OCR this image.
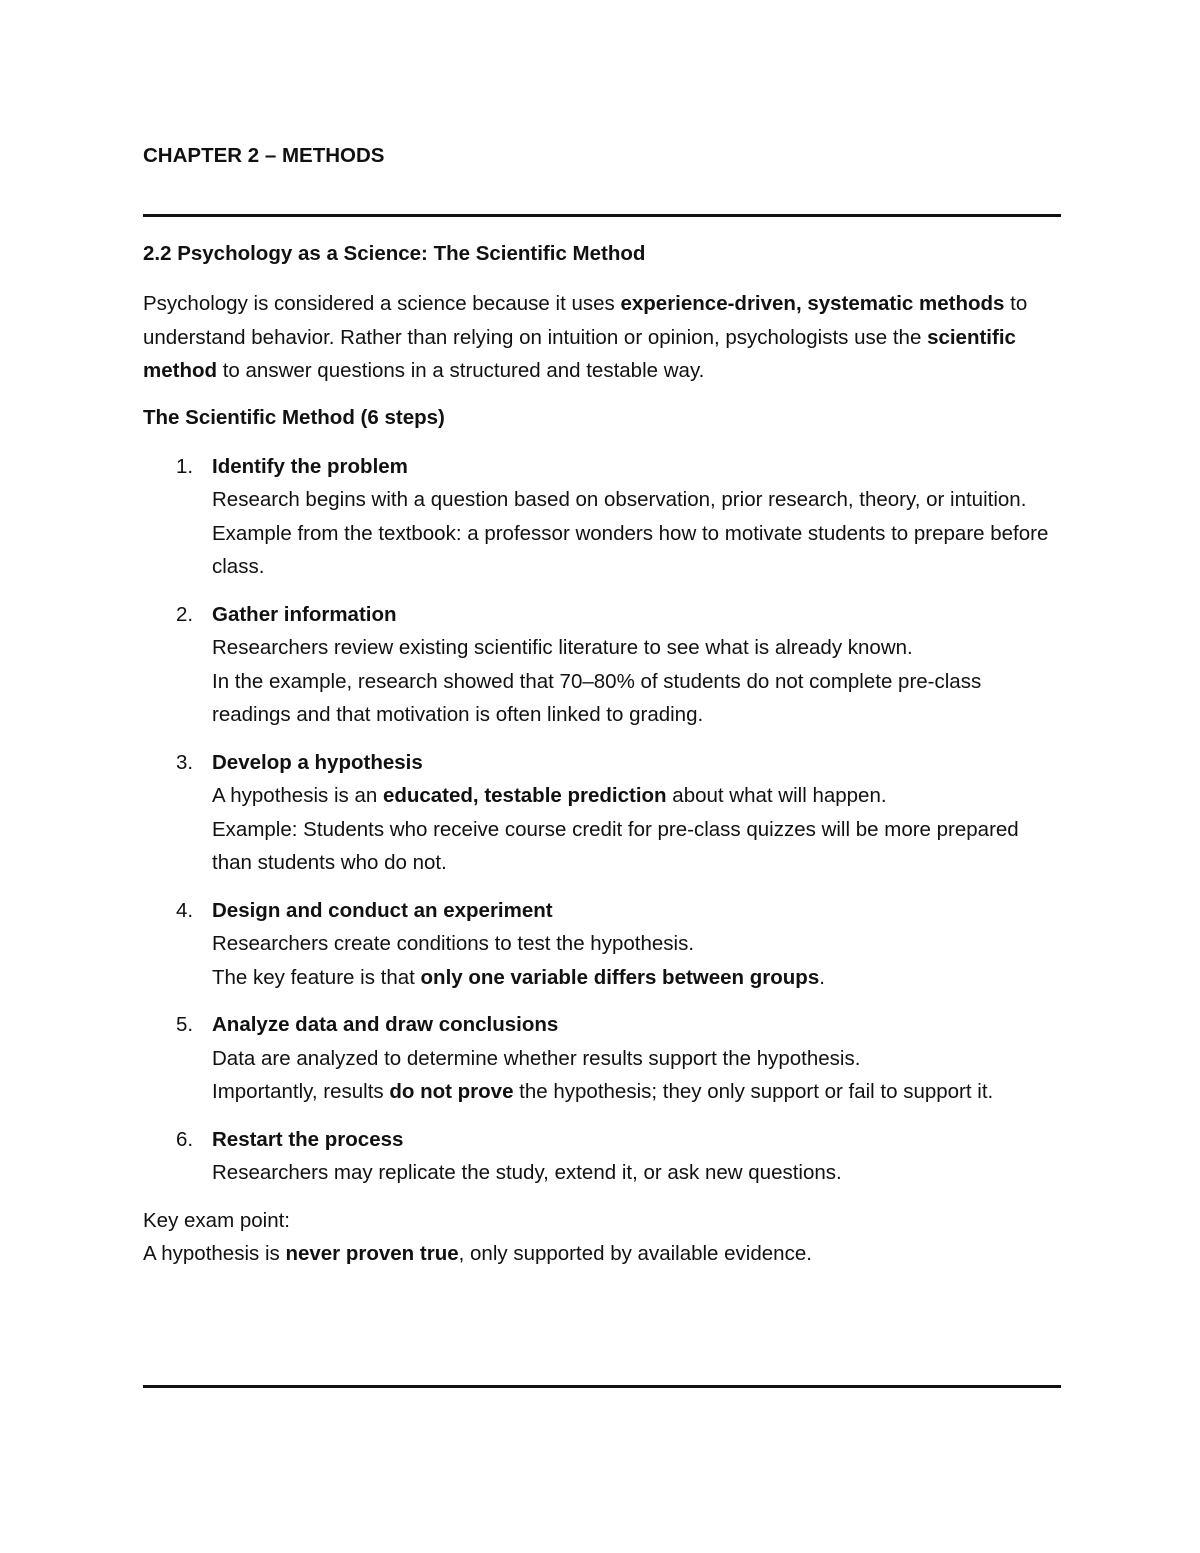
CHAPTER 2 – METHODS
2.2 Psychology as a Science: The Scientific Method

Psychology is considered a science because it uses experience-driven, systematic methods to understand behavior. Rather than relying on intuition or opinion, psychologists use the scientific method to answer questions in a structured and testable way.

The Scientific Method (6 steps)
1. Identify the problem
Research begins with a question based on observation, prior research, theory, or intuition.
Example from the textbook: a professor wonders how to motivate students to prepare before class.
2. Gather information
Researchers review existing scientific literature to see what is already known.
In the example, research showed that 70–80% of students do not complete pre-class readings and that motivation is often linked to grading.
3. Develop a hypothesis
A hypothesis is an educated, testable prediction about what will happen.
Example: Students who receive course credit for pre-class quizzes will be more prepared than students who do not.
4. Design and conduct an experiment
Researchers create conditions to test the hypothesis.
The key feature is that only one variable differs between groups.
5. Analyze data and draw conclusions
Data are analyzed to determine whether results support the hypothesis.
Importantly, results do not prove the hypothesis; they only support or fail to support it.
6. Restart the process
Researchers may replicate the study, extend it, or ask new questions.
Key exam point:
A hypothesis is never proven true, only supported by available evidence.
